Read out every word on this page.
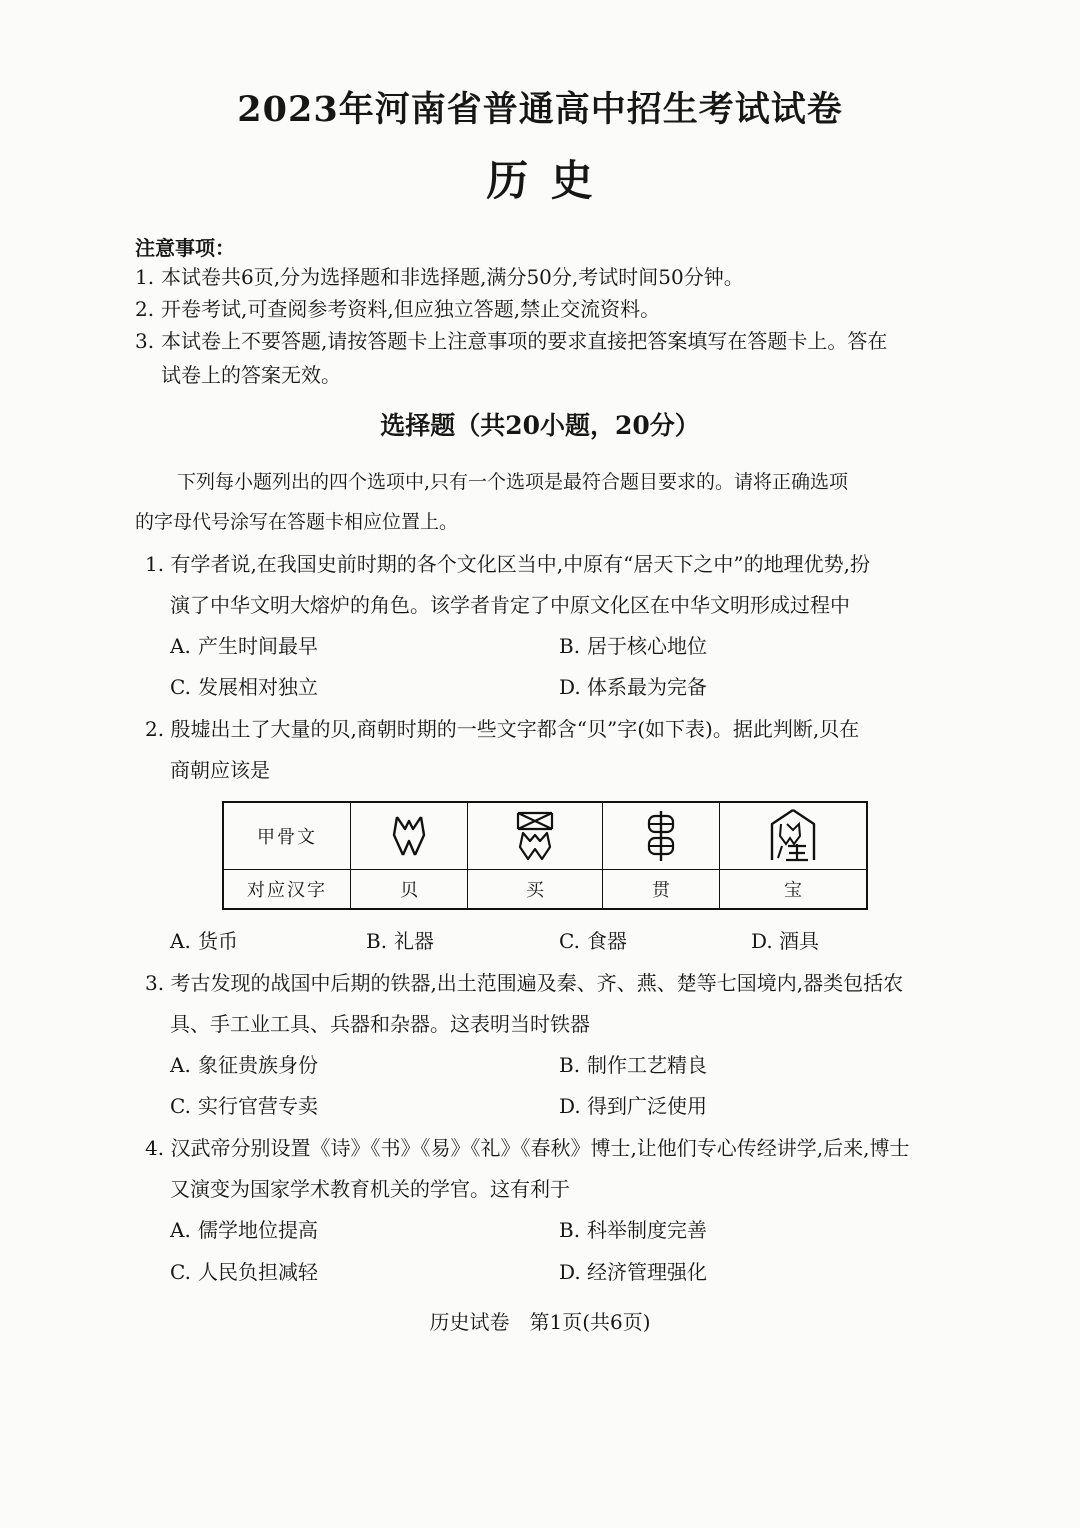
2023年河南省普通高中招生考试试卷
历 史
注意事项：
1. 本试卷共6页,分为选择题和非选择题,满分50分,考试时间50分钟。
2. 开卷考试,可查阅参考资料,但应独立答题,禁止交流资料。
3. 本试卷上不要答题,请按答题卡上注意事项的要求直接把答案填写在答题卡上。答在
试卷上的答案无效。
选择题（共20小题，20分）
下列每小题列出的四个选项中,只有一个选项是最符合题目要求的。请将正确选项
的字母代号涂写在答题卡相应位置上。
1. 有学者说,在我国史前时期的各个文化区当中,中原有“居天下之中”的地理优势,扮
演了中华文明大熔炉的角色。该学者肯定了中原文化区在中华文明形成过程中
A. 产生时间最早	B. 居于核心地位
C. 发展相对独立	D. 体系最为完备
2. 殷墟出土了大量的贝,商朝时期的一些文字都含“贝”字(如下表)。据此判断,贝在
商朝应该是
甲骨文	

对应汉字	贝	买	贯	宝
A. 货币	B. 礼器	C. 食器	D. 酒具
3. 考古发现的战国中后期的铁器,出土范围遍及秦、齐、燕、楚等七国境内,器类包括农
具、手工业工具、兵器和杂器。这表明当时铁器
A. 象征贵族身份	B. 制作工艺精良
C. 实行官营专卖	D. 得到广泛使用
4. 汉武帝分别设置《诗》《书》《易》《礼》《春秋》博士,让他们专心传经讲学,后来,博士
又演变为国家学术教育机关的学官。这有利于
A. 儒学地位提高	B. 科举制度完善
C. 人民负担减轻	D. 经济管理强化
历史试卷　第1页(共6页)
